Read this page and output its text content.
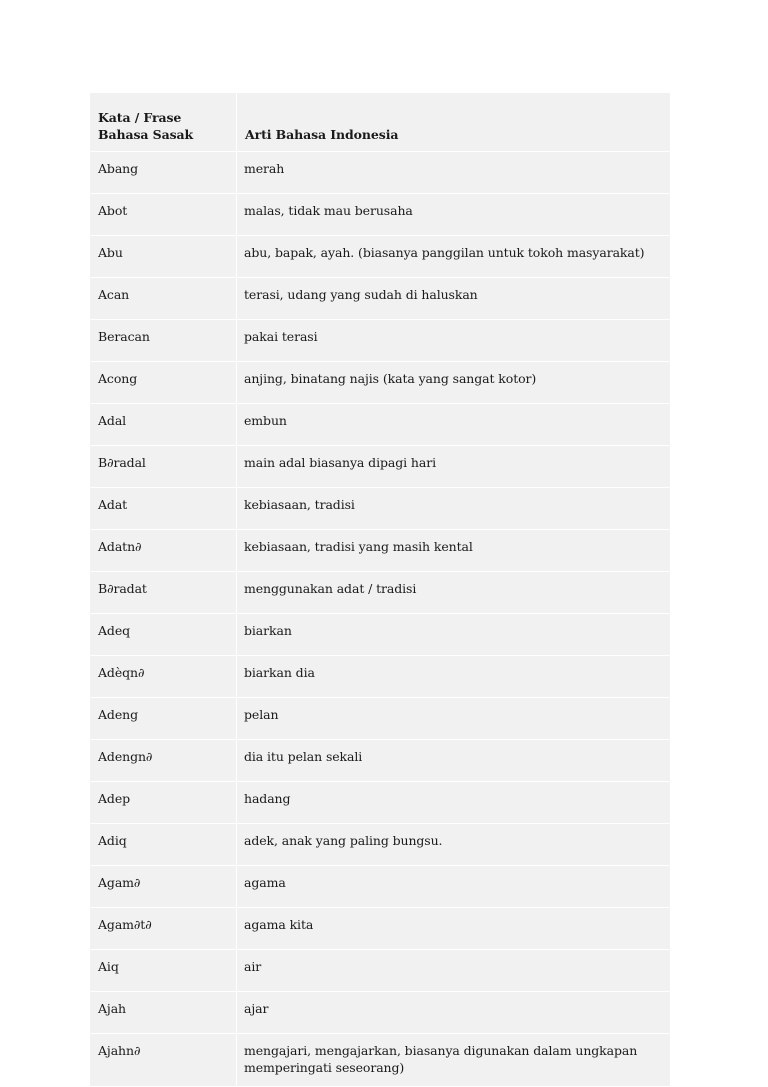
Kata / Frase
Bahasa Sasak	Arti Bahasa Indonesia
Abang	merah
Abot	malas, tidak mau berusaha
Abu	abu, bapak, ayah. (biasanya panggilan untuk tokoh masyarakat)
Acan	terasi, udang yang sudah di haluskan
Beracan	pakai terasi
Acong	anjing, binatang najis (kata yang sangat kotor)
Adal	embun
B∂radal	main adal biasanya dipagi hari
Adat	kebiasaan, tradisi
Adatn∂	kebiasaan, tradisi yang masih kental
B∂radat	menggunakan adat / tradisi
Adeq	biarkan
Adèqn∂	biarkan dia
Adeng	pelan
Adengn∂	dia itu pelan sekali
Adep	hadang
Adiq	adek, anak yang paling bungsu.
Agam∂	agama
Agam∂t∂	agama kita
Aiq	air
Ajah	ajar
Ajahn∂	mengajari, mengajarkan, biasanya digunakan dalam ungkapan memperingati seseorang)
